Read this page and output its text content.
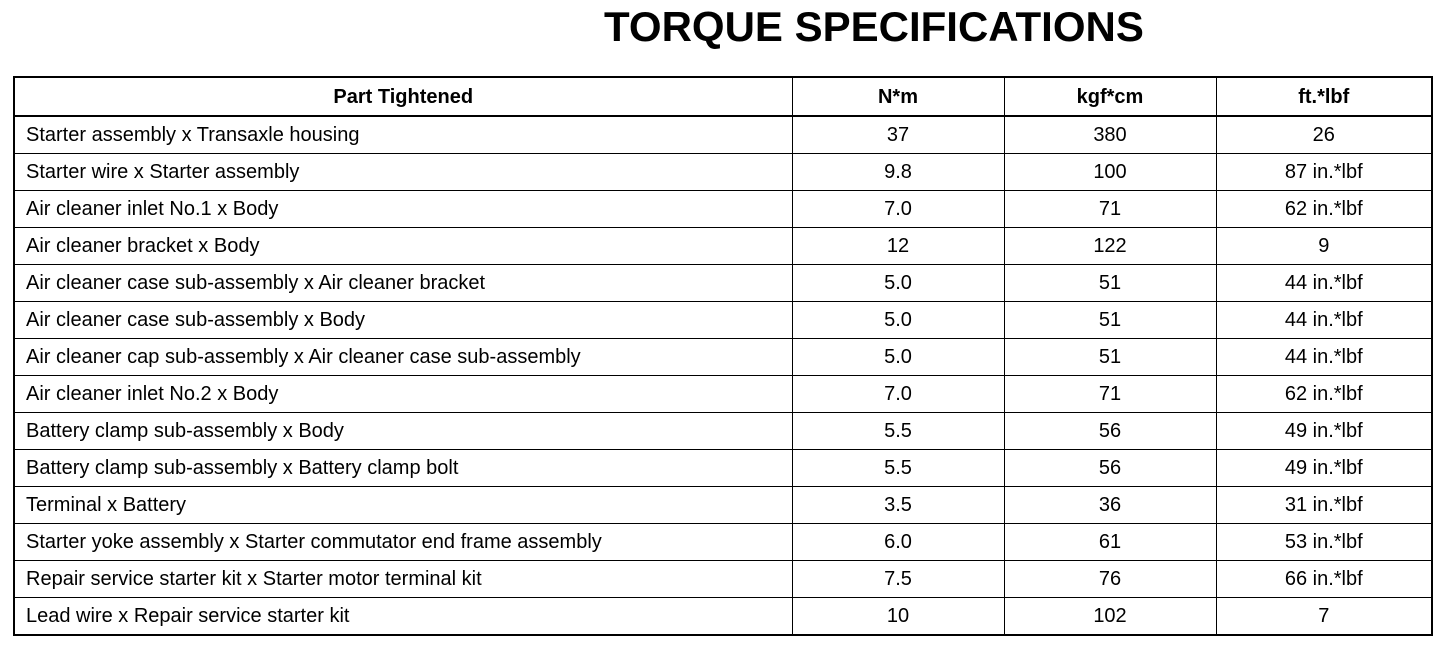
TORQUE SPECIFICATIONS
Part Tightened	N*m	kgf*cm	ft.*lbf
Starter assembly x Transaxle housing	37	380	26
Starter wire x Starter assembly	9.8	100	87 in.*lbf
Air cleaner inlet No.1 x Body	7.0	71	62 in.*lbf
Air cleaner bracket x Body	12	122	9
Air cleaner case sub-assembly x Air cleaner bracket	5.0	51	44 in.*lbf
Air cleaner case sub-assembly x Body	5.0	51	44 in.*lbf
Air cleaner cap sub-assembly x Air cleaner case sub-assembly	5.0	51	44 in.*lbf
Air cleaner inlet No.2 x Body	7.0	71	62 in.*lbf
Battery clamp sub-assembly x Body	5.5	56	49 in.*lbf
Battery clamp sub-assembly x Battery clamp bolt	5.5	56	49 in.*lbf
Terminal x Battery	3.5	36	31 in.*lbf
Starter yoke assembly x Starter commutator end frame assembly	6.0	61	53 in.*lbf
Repair service starter kit x Starter motor terminal kit	7.5	76	66 in.*lbf
Lead wire x Repair service starter kit	10	102	7
